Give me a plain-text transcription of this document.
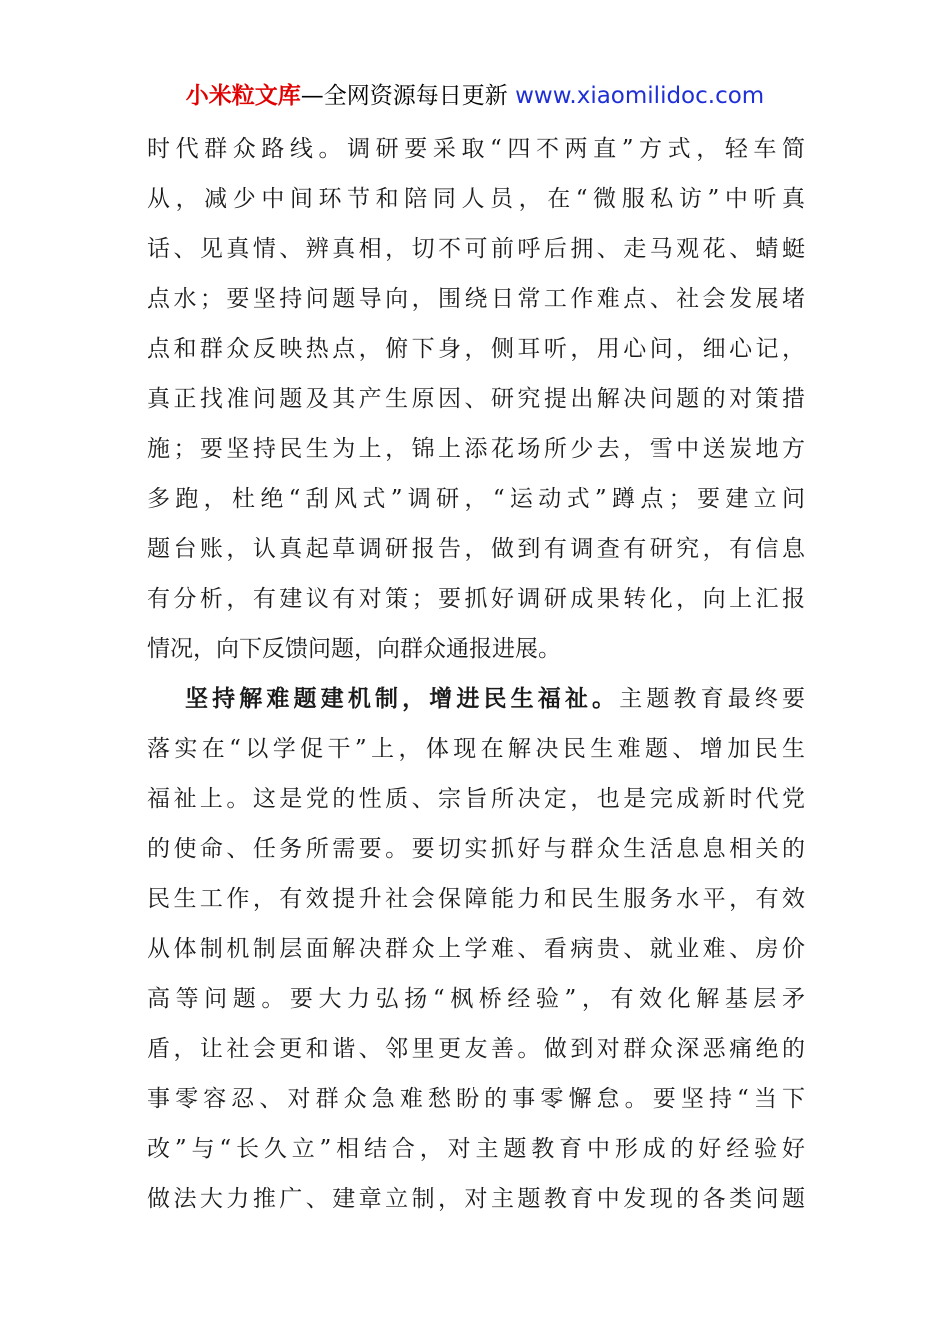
小米粒文库—全网资源每日更新 www.xiaomilidoc.com
时代群众路线。调研要采取“四不两直”方式，轻车简
从，减少中间环节和陪同人员，在“微服私访”中听真
话、见真情、辨真相，切不可前呼后拥、走马观花、蜻蜓
点水；要坚持问题导向，围绕日常工作难点、社会发展堵
点和群众反映热点，俯下身，侧耳听，用心问，细心记，
真正找准问题及其产生原因、研究提出解决问题的对策措
施；要坚持民生为上，锦上添花场所少去，雪中送炭地方
多跑，杜绝“刮风式”调研，“运动式”蹲点；要建立问
题台账，认真起草调研报告，做到有调查有研究，有信息
有分析，有建议有对策；要抓好调研成果转化，向上汇报
情况，向下反馈问题，向群众通报进展。
坚持解难题建机制，增进民生福祉。主题教育最终要
落实在“以学促干”上，体现在解决民生难题、增加民生
福祉上。这是党的性质、宗旨所决定，也是完成新时代党
的使命、任务所需要。要切实抓好与群众生活息息相关的
民生工作，有效提升社会保障能力和民生服务水平，有效
从体制机制层面解决群众上学难、看病贵、就业难、房价
高等问题。要大力弘扬“枫桥经验”，有效化解基层矛
盾，让社会更和谐、邻里更友善。做到对群众深恶痛绝的
事零容忍、对群众急难愁盼的事零懈怠。要坚持“当下
改”与“长久立”相结合，对主题教育中形成的好经验好
做法大力推广、建章立制，对主题教育中发现的各类问题
